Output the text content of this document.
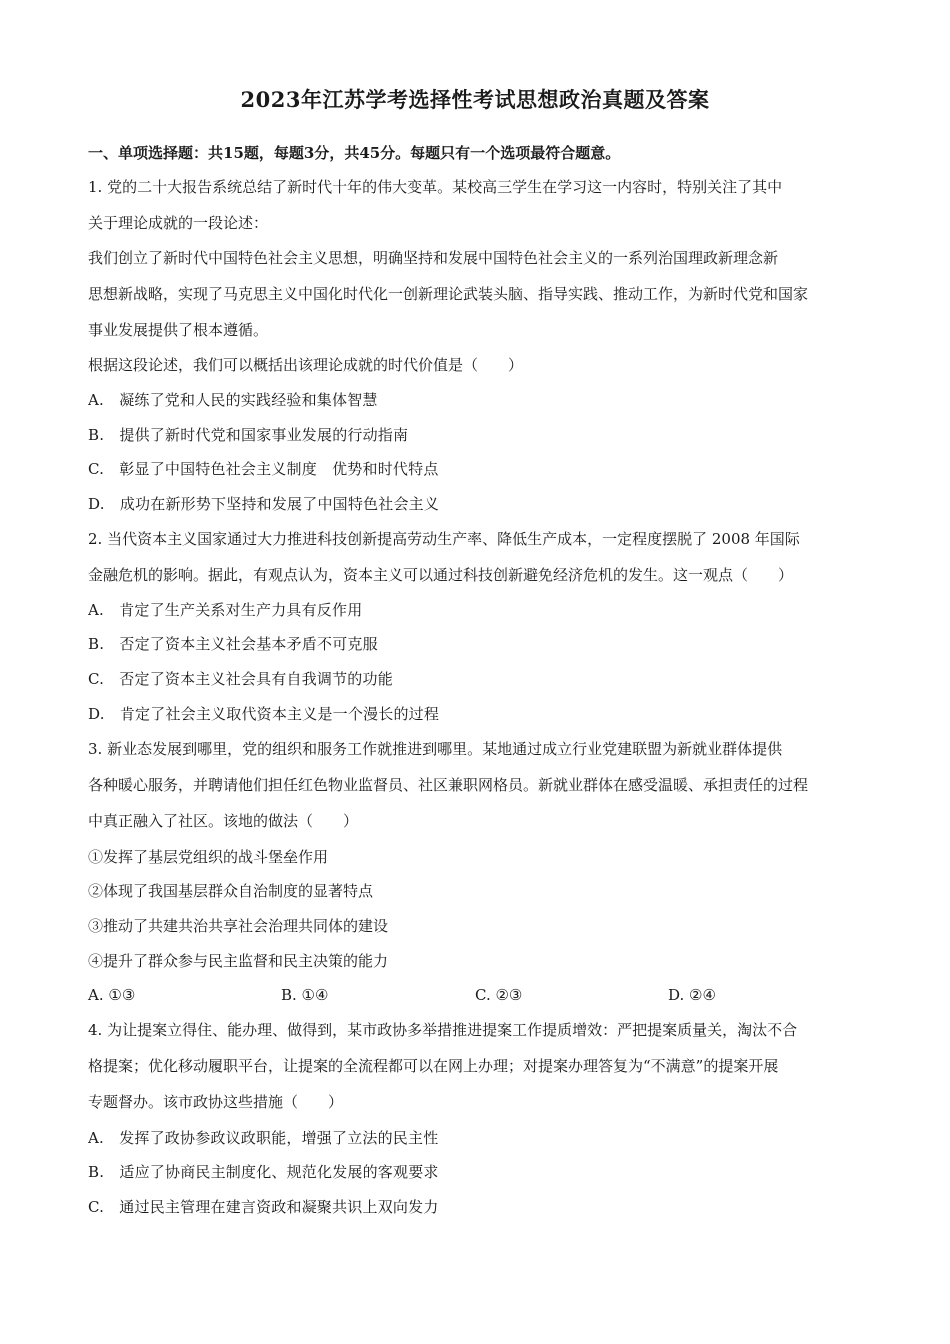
2023年江苏学考选择性考试思想政治真题及答案
一、单项选择题：共15题，每题3分，共45分。每题只有一个选项最符合题意。
1. 党的二十大报告系统总结了新时代十年的伟大变革。某校高三学生在学习这一内容时，特别关注了其中
关于理论成就的一段论述：
我们创立了新时代中国特色社会主义思想，明确坚持和发展中国特色社会主义的一系列治国理政新理念新
思想新战略，实现了马克思主义中国化时代化一创新理论武装头脑、指导实践、推动工作，为新时代党和国家
事业发展提供了根本遵循。
根据这段论述，我们可以概括出该理论成就的时代价值是（　　）
A.　凝练了党和人民的实践经验和集体智慧
B.　提供了新时代党和国家事业发展的行动指南
C.　彰显了中国特色社会主义制度　优势和时代特点
D.　成功在新形势下坚持和发展了中国特色社会主义
2. 当代资本主义国家通过大力推进科技创新提高劳动生产率、降低生产成本，一定程度摆脱了 2008 年国际
金融危机的影响。据此，有观点认为，资本主义可以通过科技创新避免经济危机的发生。这一观点（　　）
A.　肯定了生产关系对生产力具有反作用
B.　否定了资本主义社会基本矛盾不可克服
C.　否定了资本主义社会具有自我调节的功能
D.　肯定了社会主义取代资本主义是一个漫长的过程
3. 新业态发展到哪里，党的组织和服务工作就推进到哪里。某地通过成立行业党建联盟为新就业群体提供
各种暖心服务，并聘请他们担任红色物业监督员、社区兼职网格员。新就业群体在感受温暖、承担责任的过程
中真正融入了社区。该地的做法（　　）
①发挥了基层党组织的战斗堡垒作用
②体现了我国基层群众自治制度的显著特点
③推动了共建共治共享社会治理共同体的建设
④提升了群众参与民主监督和民主决策的能力
A. ①③	B. ①④	C. ②③	D. ②④
4. 为让提案立得住、能办理、做得到，某市政协多举措推进提案工作提质增效：严把提案质量关，淘汰不合
格提案；优化移动履职平台，让提案的全流程都可以在网上办理；对提案办理答复为“不满意”的提案开展
专题督办。该市政协这些措施（　　）
A.　发挥了政协参政议政职能，增强了立法的民主性
B.　适应了协商民主制度化、规范化发展的客观要求
C.　通过民主管理在建言资政和凝聚共识上双向发力
